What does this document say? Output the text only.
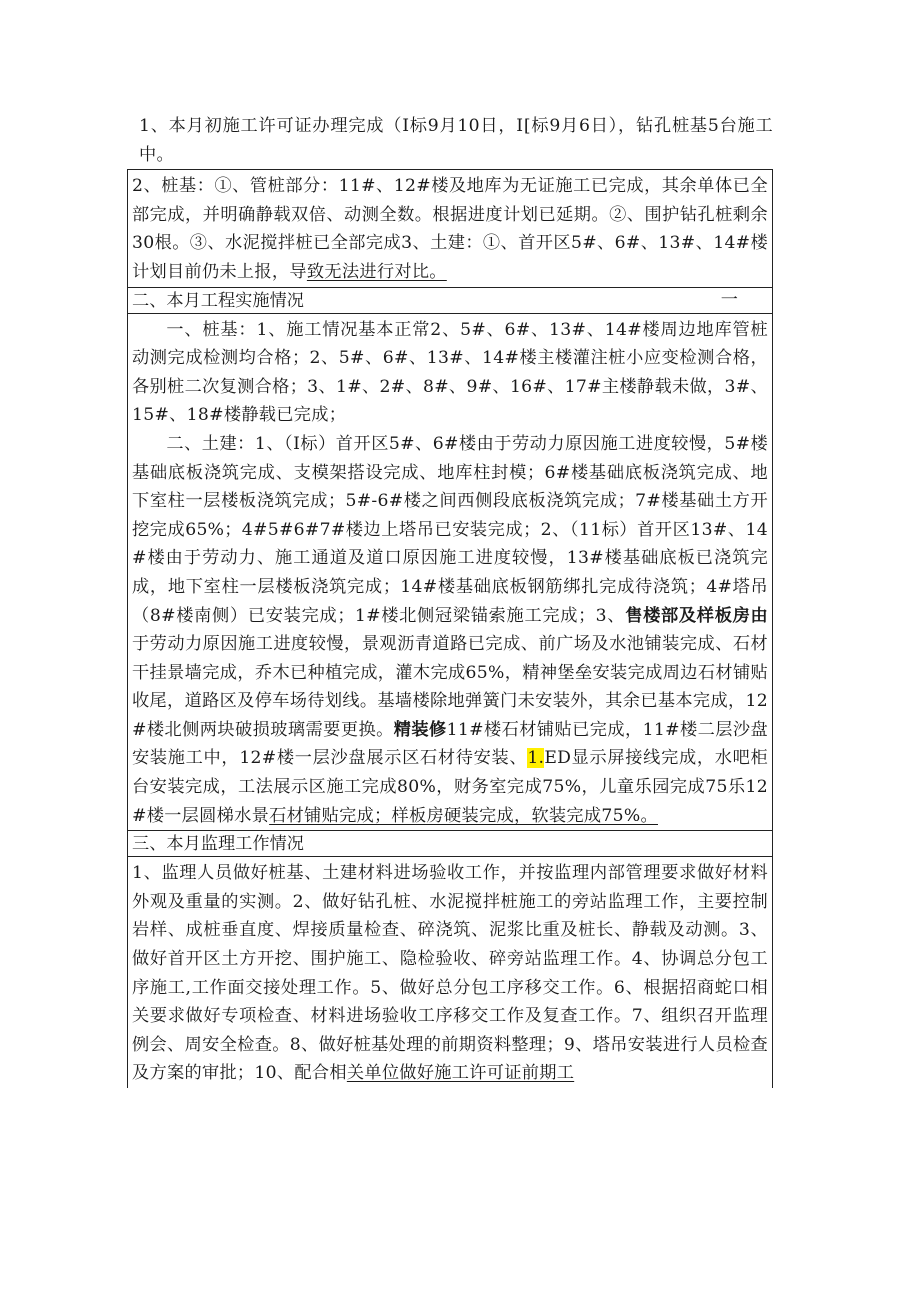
1、本月初施工许可证办理完成（Ⅰ标9月10日，Ⅰ[标9月6日），钻孔桩基5台施工中。
2、桩基：①、管桩部分：11#、12#楼及地库为无证施工已完成，其余单体已全部完成，并明确静载双倍、动测全数。根据进度计划已延期。②、围护钻孔桩剩余30根。③、水泥搅拌桩已全部完成3、土建：①、首开区5#、6#、13#、14#楼计划目前仍未上报，导致无法进行对比。
二、本月工程实施情况	一
一、桩基：1、施工情况基本正常2、5#、6#、13#、14#楼周边地库管桩动测完成检测均合格；2、5#、6#、13#、14#楼主楼灌注桩小应变检测合格，各别桩二次复测合格；3、1#、2#、8#、9#、16#、17#主楼静载未做，3#、15#、18#楼静载已完成；
二、土建：1、（Ⅰ标）首开区5#、6#楼由于劳动力原因施工进度较慢，5#楼基础底板浇筑完成、支模架搭设完成、地库柱封模；6#楼基础底板浇筑完成、地下室柱一层楼板浇筑完成；5#-6#楼之间西侧段底板浇筑完成；7#楼基础土方开挖完成65%；4#5#6#7#楼边上塔吊已安装完成；2、（11标）首开区13#、14#楼由于劳动力、施工通道及道口原因施工进度较慢，13#楼基础底板已浇筑完成，地下室柱一层楼板浇筑完成；14#楼基础底板钢筋绑扎完成待浇筑；4#塔吊（8#楼南侧）已安装完成；1#楼北侧冠梁锚索施工完成；3、售楼部及样板房由于劳动力原因施工进度较慢，景观沥青道路已完成、前广场及水池铺装完成、石材干挂景墙完成，乔木已种植完成，灌木完成65%，精神堡垒安装完成周边石材铺贴收尾，道路区及停车场待划线。基墙楼除地弹簧门未安装外，其余已基本完成，12#楼北侧两块破损玻璃需要更换。精装修11#楼石材铺贴已完成，11#楼二层沙盘安装施工中，12#楼一层沙盘展示区石材待安装、1.ED显示屏接线完成，水吧柜台安装完成，工法展示区施工完成80%，财务室完成75%，儿童乐园完成75乐12#楼一层圆梯水景石材铺贴完成；样板房硬装完成，软装完成75%。
三、本月监理工作情况
1、监理人员做好桩基、土建材料进场验收工作，并按监理内部管理要求做好材料外观及重量的实测。2、做好钻孔桩、水泥搅拌桩施工的旁站监理工作，主要控制岩样、成桩垂直度、焊接质量检查、碎浇筑、泥浆比重及桩长、静载及动测。3、做好首开区土方开挖、围护施工、隐检验收、碎旁站监理工作。4、协调总分包工序施工,工作面交接处理工作。5、做好总分包工序移交工作。6、根据招商蛇口相关要求做好专项检查、材料进场验收工序移交工作及复查工作。7、组织召开监理例会、周安全检查。8、做好桩基处理的前期资料整理；9、塔吊安装进行人员检查及方案的审批；10、配合相关单位做好施工许可证前期工
